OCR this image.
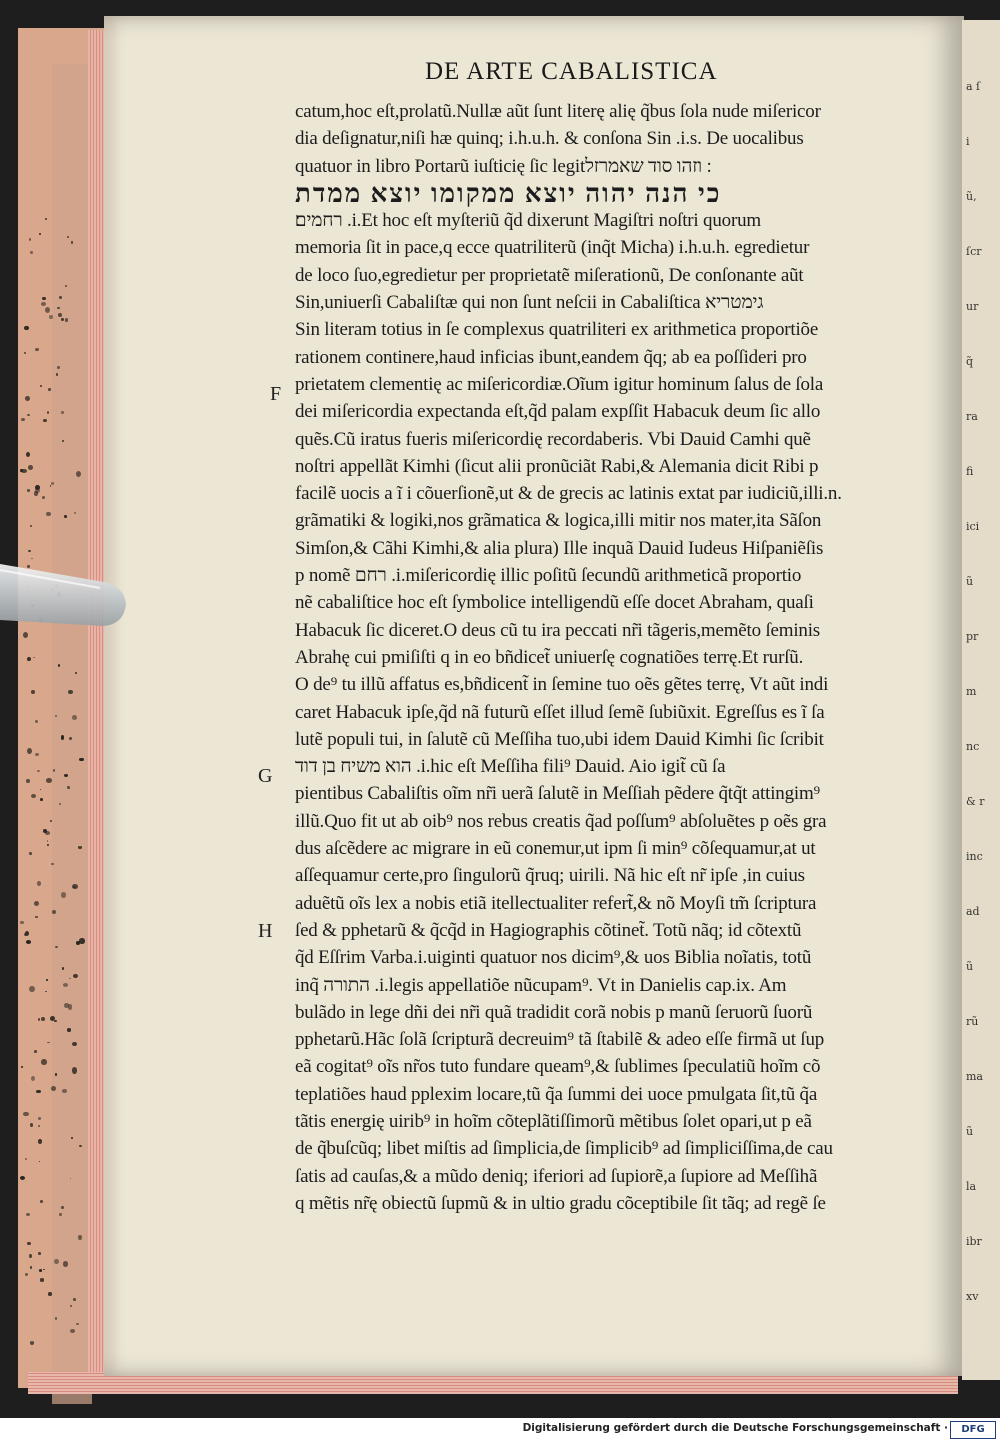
a ſ
i
ũ,
ſcr
ur
q̃
ra
fi
ici
ũ
pr
m
nc
& r
inc
ad
ũ
rũ
ma
ũ
la
ibr
xv
DE ARTE CABALISTICA
F
G
H
catum,hoc eſt,prolatũ.Nullæ aũt ſunt literę alię q̃bus ſola nude miſericor
dia deſignatur,niſi hæ quinq; i.h.u.h. & conſona Sin .i.s. De uocalibus
quatuor in libro Portarũ iuſticię ſic legit׃ וזהו סוד שאמרזל
כי הנה יהוה יוצא ממקומו יוצא ממדת
רחמים׃ .i.Et hoc eſt myſteriũ q̃d dixerunt Magiſtri noſtri quorum
memoria ſit in pace,q ecce quatriliterũ (inq̃t Micha) i.h.u.h. egredietur
de loco ſuo,egredietur per proprietatẽ miſerationũ, De conſonante aũt
Sin,uniuerſi Cabaliſtæ qui non ſunt neſcii in Cabaliſtica גימטריא
Sin literam totius in ſe complexus quatriliteri ex arithmetica proportiõe
rationem continere,haud inficias ibunt,eandem q̃q; ab ea poſſideri pro
prietatem clementię ac miſericordiæ.Oĩum igitur hominum ſalus de ſola
dei miſericordia expectanda eſt,q̃d palam expſſit Habacuk deum ſic allo
quẽs.Cũ iratus fueris miſericordię recordaberis. Vbi Dauid Camhi quẽ
noſtri appellãt Kimhi (ſicut alii pronũciãt Rabi,& Alemania dicit Ribi p
facilẽ uocis a ĩ i cõuerſionẽ,ut & de grecis ac latinis extat par iudiciũ,illi.n.
grãmatiki & logiki,nos grãmatica & logica,illi mitir nos mater,ita Sãſon
Simſon,& Cãhi Kimhi,& alia plura) Ille inquã Dauid Iudeus Hiſpaniẽſis
p nomẽ רחם .i.miſericordię illic poſitũ ſecundũ arithmeticã proportio
nẽ cabaliſtice hoc eſt ſymbolice intelligendũ eſſe docet Abraham, quaſi
Habacuk ſic diceret.O deus cũ tu ira peccati nr̃i tãgeris,memẽto ſeminis
Abrahę cui pmiſiſti q in eo bñdicet̃ uniuerſę cognatiões terrę.Et rurſũ.
O de⁹ tu illũ affatus es,bñdicent̃ in ſemine tuo oẽs gẽtes terrę, Vt aũt indi
caret Habacuk ipſe,q̃d nã futurũ eſſet illud ſemẽ ſubiũxit. Egreſſus es ĩ ſa
lutẽ populi tui, in ſalutẽ cũ Meſſiha tuo,ubi idem Dauid Kimhi ſic ſcribit
הוא משיח בן דוד .i.hic eſt Meſſiha fili⁹ Dauid. Aio igit̃ cũ ſa
pientibus Cabaliſtis oĩm nr̃i uerã ſalutẽ in Meſſiah pẽdere q̃tq̃t attingim⁹
illũ.Quo fit ut ab oib⁹ nos rebus creatis q̃ad poſſum⁹ abſoluẽtes p oẽs gra
dus aſcẽdere ac migrare in eũ conemur,ut ipm ſi min⁹ cõſequamur,at ut
aſſequamur certe,pro ſingulorũ q̃ruq; uirili. Nã hic eſt nr̃ ipſe ,in cuius
aduẽtũ oĩs lex a nobis etiã itellectualiter refert̃,& nõ Moyſi tm̃ ſcriptura
ſed & pphetarũ & q̃cq̃d in Hagiographis cõtinet̃. Totũ nãq; id cõtextũ
q̃d Eſſrim Varba.i.uiginti quatuor nos dicim⁹,& uos Biblia noĩatis, totũ
inq̃ התורה .i.legis appellatiõe nũcupam⁹. Vt in Danielis cap.ix. Am
bulãdo in lege dñi dei nr̃i quã tradidit corã nobis p manũ ſeruorũ ſuorũ
pphetarũ.Hãc ſolã ſcripturã decreuim⁹ tã ſtabilẽ & adeo eſſe firmã ut ſup
eã cogitat⁹ oĩs nr̃os tuto fundare queam⁹,& ſublimes ſpeculatiũ hoĩm cõ
teplatiões haud pplexim locare,tũ q̃a ſummi dei uoce pmulgata ſit,tũ q̃a
tãtis energię uirib⁹ in hoĩm cõteplãtiſſimorũ mẽtibus ſolet opari,ut p eã
de q̃buſcũq; libet miſtis ad ſimplicia,de ſimplicib⁹ ad ſimpliciſſima,de cau
ſatis ad cauſas,& a mũdo deniq; iferiori ad ſupiorẽ,a ſupiore ad Meſſihã
q mẽtis nr̃ę obiectũ ſupmũ & in ultio gradu cõceptibile ſit tãq; ad regẽ ſe
Digitalisierung gefördert durch die Deutsche Forschungsgemeinschaft ·	DFG
